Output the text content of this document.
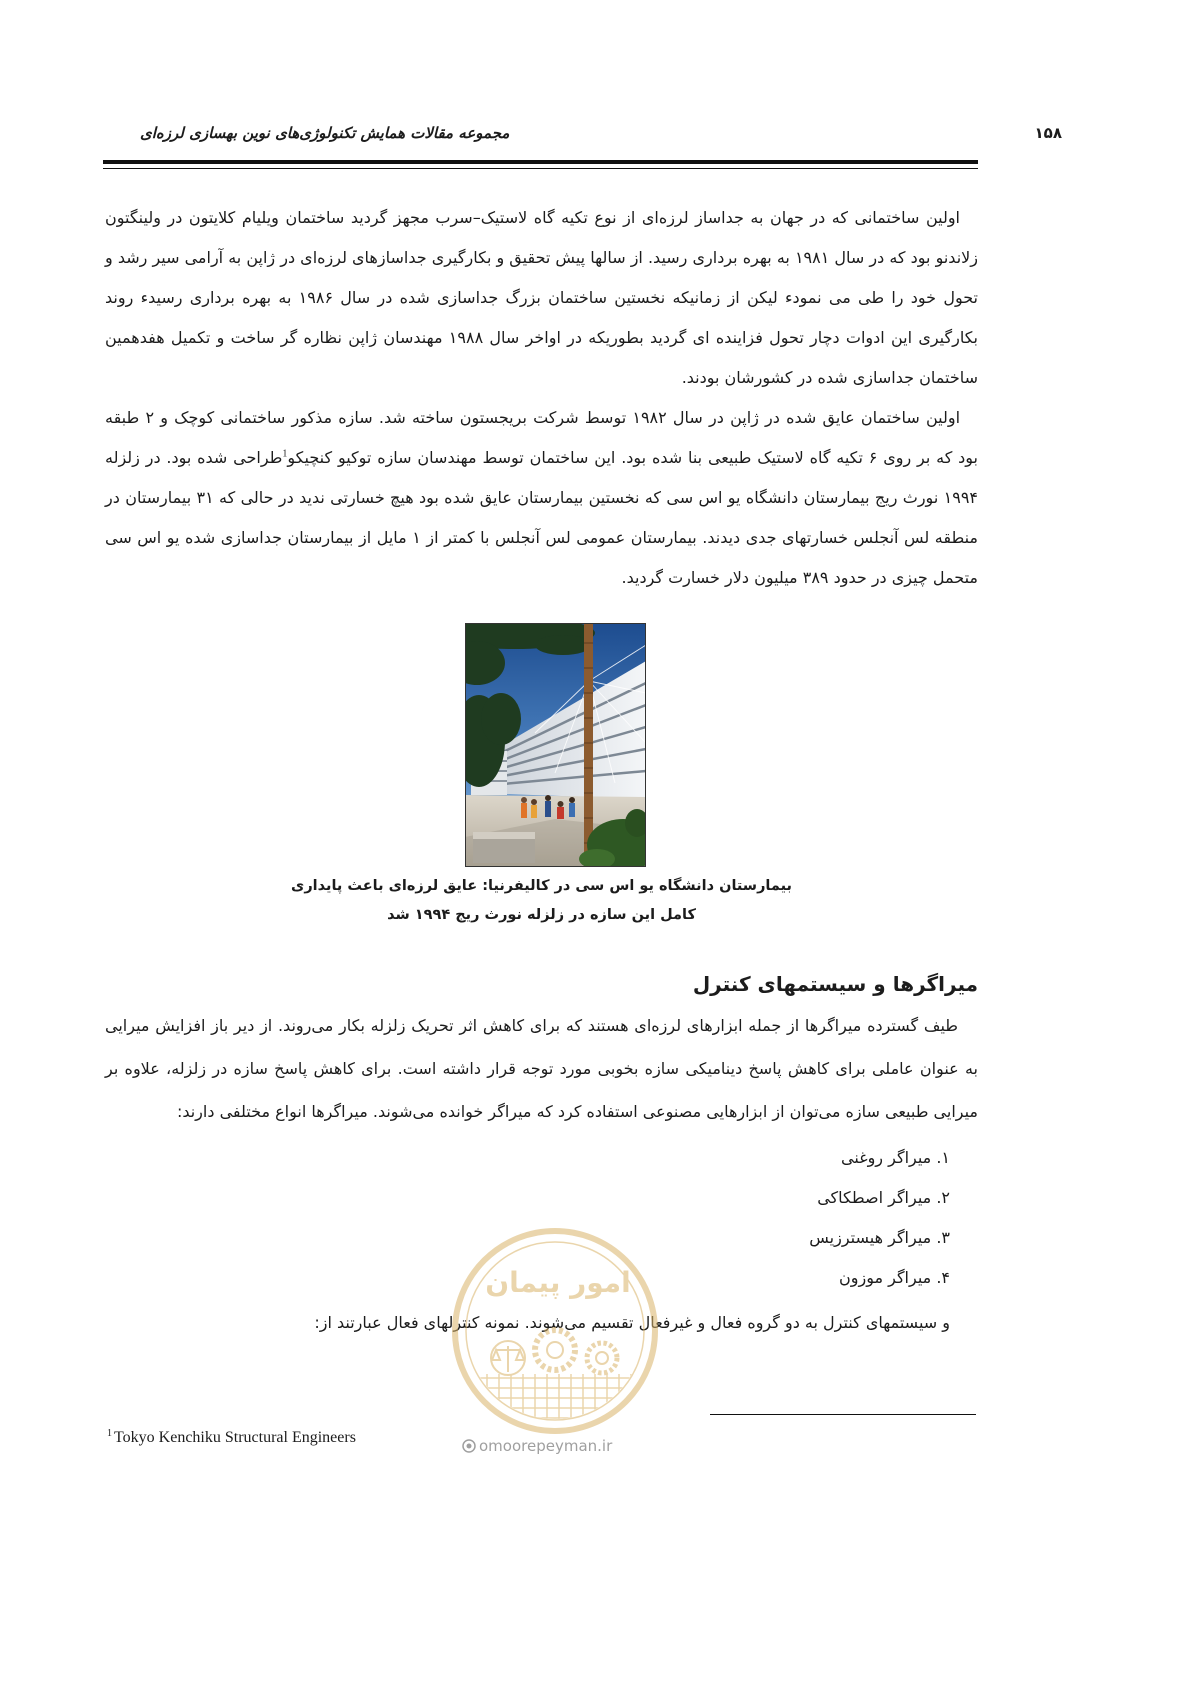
۱۵۸
مجموعه مقالات همایش تکنولوژی‌های نوین بهسازی لرزه‌ای

اولین ساختمانی که در جهان به جداساز لرزه‌ای از نوع تکیه گاه لاستیک–سرب مجهز گردید ساختمان ویلیام کلایتون در ولینگتون زلاندنو بود که در سال ۱۹۸۱ به بهره برداری رسید. از سالها پیش تحقیق و بکارگیری جداسازهای لرزه‌ای در ژاپن به آرامی سیر رشد و تحول خود را طی می نمودء لیکن از زمانیکه نخستین ساختمان بزرگ جداسازی شده در سال ۱۹۸۶ به بهره برداری رسیدء روند بکارگیری این ادوات دچار تحول فزاینده ای گردید بطوریکه در اواخر سال ۱۹۸۸ مهندسان ژاپن نظاره گر ساخت و تکمیل هفدهمین ساختمان جداسازی شده در کشورشان بودند.

اولین ساختمان عایق شده در ژاپن در سال ۱۹۸۲ توسط شرکت بریجستون ساخته شد. سازه مذکور ساختمانی کوچک و ۲ طبقه بود که بر روی ۶ تکیه گاه لاستیک طبیعی بنا شده بود. این ساختمان توسط مهندسان سازه توکیو کنچیکو$^1$طراحی شده بود. در زلزله ۱۹۹۴ نورث ریج بیمارستان دانشگاه یو اس سی که نخستین بیمارستان عایق شده بود هیچ خسارتی ندید در حالی که ۳۱ بیمارستان در منطقه لس آنجلس خسارتهای جدی دیدند. بیمارستان عمومی لس آنجلس با کمتر از ۱ مایل از بیمارستان جداسازی شده یو اس سی متحمل چیزی در حدود ۳۸۹ میلیون دلار خسارت گردید.

بیمارستان دانشگاه یو اس سی در کالیفرنیا: عایق لرزه‌ای باعث پایداری
کامل این سازه در زلزله نورث ریج ۱۹۹۴ شد
میراگرها و سیستمهای کنترل

طیف گسترده میراگرها از جمله ابزارهای لرزه‌ای هستند که برای کاهش اثر تحریک زلزله بکار می‌روند. از دیر باز افزایش میرایی به عنوان عاملی برای کاهش پاسخ دینامیکی سازه بخوبی مورد توجه قرار داشته است. برای کاهش پاسخ سازه در زلزله، علاوه بر میرایی طبیعی سازه می‌توان از ابزارهایی مصنوعی استفاده کرد که میراگر خوانده می‌شوند. میراگرها انواع مختلفی دارند:

۱. میراگر روغنی
۲. میراگر اصطکاکی
۳. میراگر هیسترزیس
۴. میراگر موزون
و سیستمهای کنترل به دو گروه فعال و غیرفعال تقسیم می‌شوند. نمونه کنترلهای فعال عبارتند از:
$^1$ Tokyo Kenchiku Structural Engineers
امور پیمان
omoorepeyman.ir
